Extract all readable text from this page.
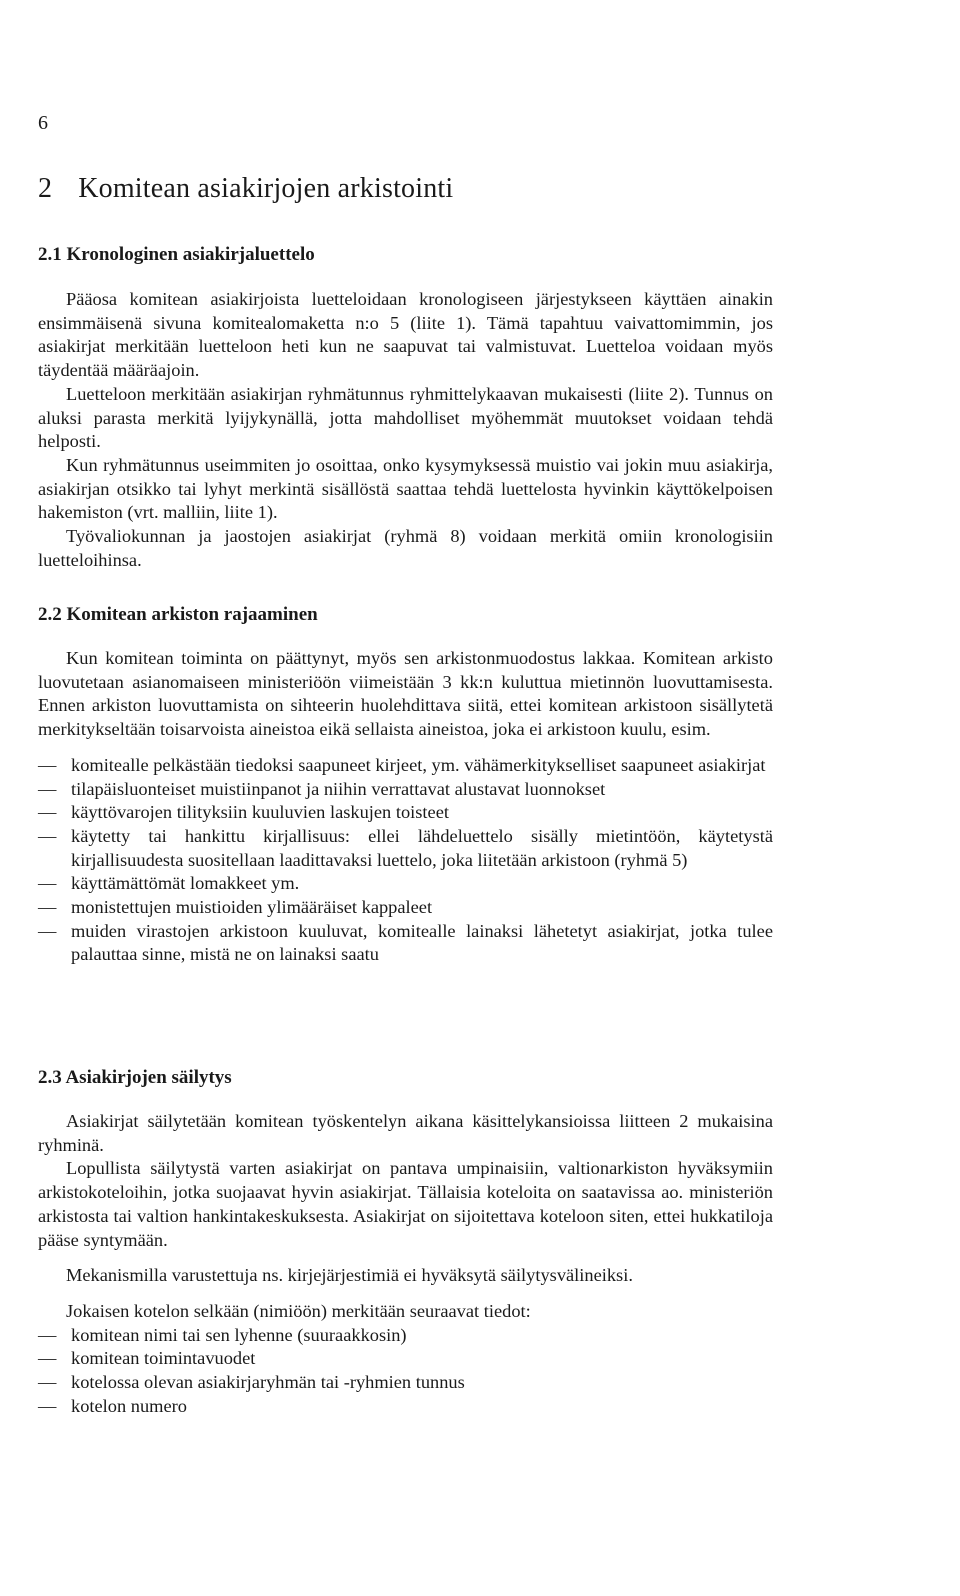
6
2 Komitean asiakirjojen arkistointi
2.1 Kronologinen asiakirjaluettelo

Pääosa komitean asiakirjoista luetteloidaan kronologiseen järjestykseen käyttäen ainakin ensimmäisenä sivuna komitealomaketta n:o 5 (liite 1). Tämä tapahtuu vaivattomimmin, jos asiakirjat merkitään luetteloon heti kun ne saapuvat tai valmistuvat. Luetteloa voidaan myös täydentää määräajoin.

Luetteloon merkitään asiakirjan ryhmätunnus ryhmittelykaavan mukaisesti (liite 2). Tunnus on aluksi parasta merkitä lyijykynällä, jotta mahdolliset myöhemmät muutokset voidaan tehdä helposti.

Kun ryhmätunnus useimmiten jo osoittaa, onko kysymyksessä muistio vai jokin muu asiakirja, asiakirjan otsikko tai lyhyt merkintä sisällöstä saattaa tehdä luettelosta hyvinkin käyttökelpoisen hakemiston (vrt. malliin, liite 1).

Työvaliokunnan ja jaostojen asiakirjat (ryhmä 8) voidaan merkitä omiin kronologisiin luetteloihinsa.

2.2 Komitean arkiston rajaaminen

Kun komitean toiminta on päättynyt, myös sen arkistonmuodostus lakkaa. Komitean arkisto luovutetaan asianomaiseen ministeriöön viimeistään 3 kk:n kuluttua mietinnön luovuttamisesta. Ennen arkiston luovuttamista on sihteerin huolehdittava siitä, ettei komitean arkistoon sisällytetä merkitykseltään toisarvoista aineistoa eikä sellaista aineistoa, joka ei arkistoon kuulu, esim.

— komitealle pelkästään tiedoksi saapuneet kirjeet, ym. vähämerkitykselliset saapuneet asiakirjat
— tilapäisluonteiset muistiinpanot ja niihin verrattavat alustavat luonnokset
— käyttövarojen tilityksiin kuuluvien laskujen toisteet
— käytetty tai hankittu kirjallisuus: ellei lähdeluettelo sisälly mietintöön, käytetystä kirjallisuudesta suositellaan laadittavaksi luettelo, joka liitetään arkistoon (ryhmä 5)
— käyttämättömät lomakkeet ym.
— monistettujen muistioiden ylimääräiset kappaleet
— muiden virastojen arkistoon kuuluvat, komitealle lainaksi lähetetyt asiakirjat, jotka tulee palauttaa sinne, mistä ne on lainaksi saatu
2.3 Asiakirjojen säilytys

Asiakirjat säilytetään komitean työskentelyn aikana käsittelykansioissa liitteen 2 mukaisina ryhminä.

Lopullista säilytystä varten asiakirjat on pantava umpinaisiin, valtionarkiston hyväksymiin arkistokoteloihin, jotka suojaavat hyvin asiakirjat. Tällaisia koteloita on saatavissa ao. ministeriön arkistosta tai valtion hankintakeskuksesta. Asiakirjat on sijoitettava koteloon siten, ettei hukkatiloja pääse syntymään.

Mekanismilla varustettuja ns. kirjejärjestimiä ei hyväksytä säilytysvälineiksi.

Jokaisen kotelon selkään (nimiöön) merkitään seuraavat tiedot:

— komitean nimi tai sen lyhenne (suuraakkosin)
— komitean toimintavuodet
— kotelossa olevan asiakirjaryhmän tai -ryhmien tunnus
— kotelon numero
